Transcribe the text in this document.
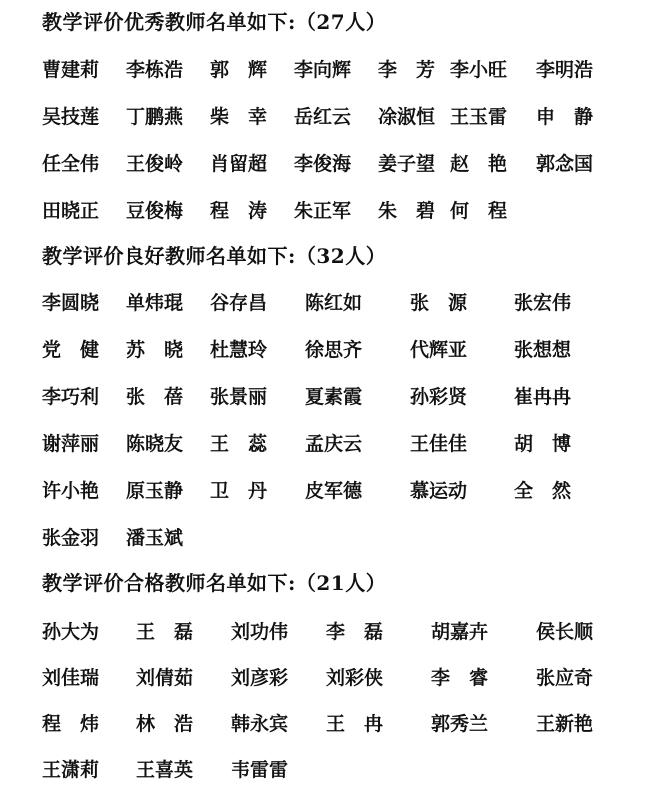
教学评价优秀教师名单如下:（27人）
曹建莉 李栋浩 郭　辉 李向辉 李　芳 李小旺 李明浩
吴技莲 丁鹏燕 柴　幸 岳红云 凃淑恒 王玉雷 申　静
任全伟 王俊岭 肖留超 李俊海 姜子望 赵　艳 郭念国
田晓正 豆俊梅 程　涛 朱正军 朱　碧 何　程
教学评价良好教师名单如下:（32人）
李圆晓 单炜琨 谷存昌 陈红如	张　源 张宏伟
党　健 苏　晓 杜慧玲 徐思齐	代辉亚 张想想
李巧利 张　蓓 张景丽 夏素霞	孙彩贤 崔冉冉
谢萍丽 陈晓友 王　蕊 孟庆云	王佳佳 胡　博
许小艳 原玉静 卫　丹 皮军德	慕运动 全　然
张金羽 潘玉斌
教学评价合格教师名单如下:（21人）
孙大为 王　磊 刘功伟 李　磊	胡嘉卉	侯长顺
刘佳瑞 刘倩茹 刘彦彩 刘彩侠	李　睿	张应奇
程　炜 林　浩 韩永宾 王　冉	郭秀兰	王新艳
王潇莉 王喜英 韦雷雷
